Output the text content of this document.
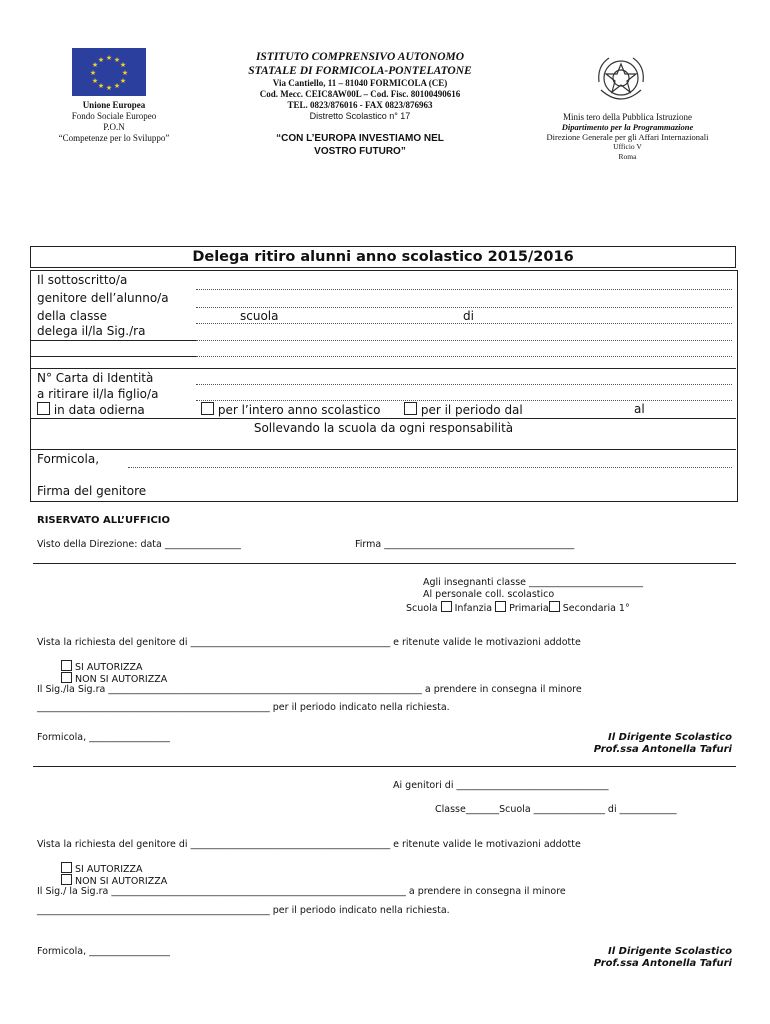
★ ★
★
★
★
★
★
★
★
★
★
★
Unione Europea
Fondo Sociale Europeo
P.O.N
“Competenze per lo Sviluppo”
ISTITUTO COMPRENSIVO AUTONOMO
STATALE DI FORMICOLA-PONTELATONE
Via Cantiello, 11 – 81040 FORMICOLA (CE)
Cod. Mecc. CEIC8AW00L – Cod. Fisc. 80100490616
TEL. 0823/876016 - FAX 0823/876963
Distretto Scolastico n° 17
“CON L’EUROPA INVESTIAMO NEL
VOSTRO FUTURO”
Minis tero della Pubblica Istruzione
Dipartimento per la Programmazione
Direzione Generale per gli Affari Internazionali
Ufficio V
Roma
Delega ritiro alunni anno scolastico 2015/2016
Il sottoscritto/a
genitore dell’alunno/a
della classe	scuola	di
delega il/la Sig./ra
N° Carta di Identità
a ritirare il/la figlio/a
in data odierna	per l’intero anno scolastico	per il periodo dal	al
Sollevando la scuola da ogni responsabilità
Formicola,
Firma del genitore
RISERVATO ALL’UFFICIO
Visto della Direzione: data ________________	Firma ________________________________________
Agli insegnanti classe ________________________
Al personale coll. scolastico
Scuola Infanzia Primaria Secondaria 1°
Vista la richiesta del genitore di __________________________________________ e ritenute valide le motivazioni addotte
SI AUTORIZZA
NON SI AUTORIZZA
Il Sig./la Sig.ra __________________________________________________________________ a prendere in consegna il minore
_________________________________________________ per il periodo indicato nella richiesta.
Formicola, _________________	Il Dirigente Scolastico
Prof.ssa Antonella Tafuri
Ai genitori di ________________________________
Classe_______Scuola _______________ di ____________
Vista la richiesta del genitore di __________________________________________ e ritenute valide le motivazioni addotte
SI AUTORIZZA
NON SI AUTORIZZA
Il Sig./ la Sig.ra ______________________________________________________________ a prendere in consegna il minore
_________________________________________________ per il periodo indicato nella richiesta.
Formicola, _________________	Il Dirigente Scolastico
Prof.ssa Antonella Tafuri
